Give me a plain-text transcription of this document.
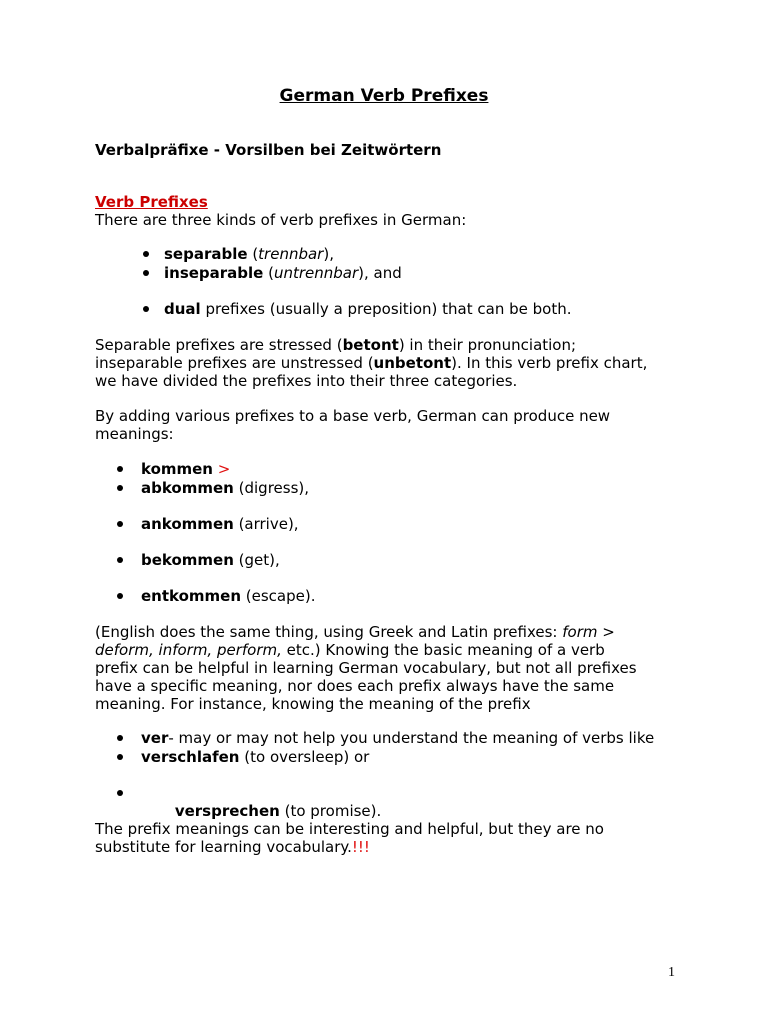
German Verb Prefixes
Verbalpräfixe - Vorsilben bei Zeitwörtern
Verb Prefixes
There are three kinds of verb prefixes in German:
separable (trennbar),
inseparable (untrennbar), and
dual prefixes (usually a preposition) that can be both.
Separable prefixes are stressed (betont) in their pronunciation;
inseparable prefixes are unstressed (unbetont). In this verb prefix chart,
we have divided the prefixes into their three categories.
By adding various prefixes to a base verb, German can produce new
meanings:
kommen >
abkommen (digress),
ankommen (arrive),
bekommen (get),
entkommen (escape).
(English does the same thing, using Greek and Latin prefixes: form >
deform, inform, perform, etc.) Knowing the basic meaning of a verb
prefix can be helpful in learning German vocabulary, but not all prefixes
have a specific meaning, nor does each prefix always have the same
meaning. For instance, knowing the meaning of the prefix
ver- may or may not help you understand the meaning of verbs like
verschlafen (to oversleep) or

versprechen (to promise).

The prefix meanings can be interesting and helpful, but they are no
substitute for learning vocabulary.!!!
1
